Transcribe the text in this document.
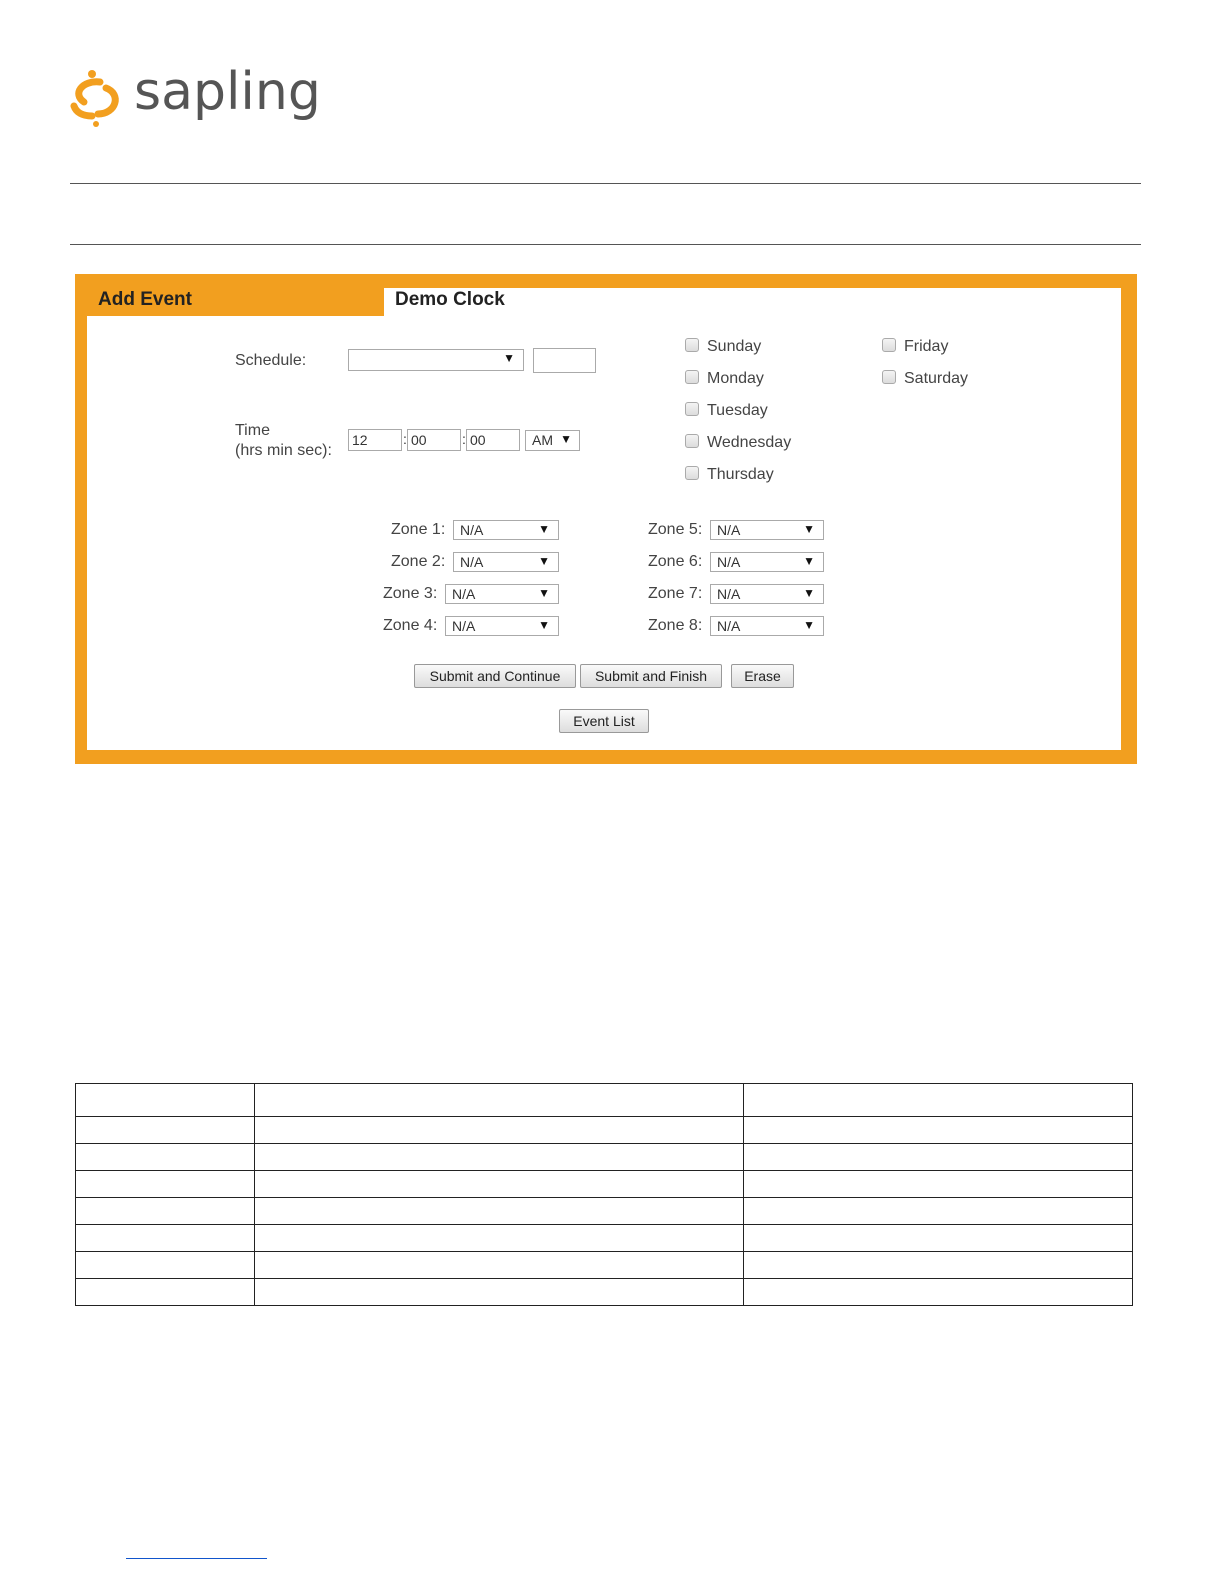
sapling
Add Event	Demo Clock
Schedule:	▼
Time
(hrs min sec):
12	: 00	: 00	AM ▼
Sunday
Monday
Tuesday
Wednesday
Thursday
Friday
Saturday
Zone 1: N/A	▼
Zone 2: N/A	▼
Zone 3: N/A	▼
Zone 4: N/A	▼
Zone 5: N/A	▼
Zone 6: N/A	▼
Zone 7: N/A	▼
Zone 8: N/A	▼
Submit and Continue	Submit and Finish	Erase
Event List
